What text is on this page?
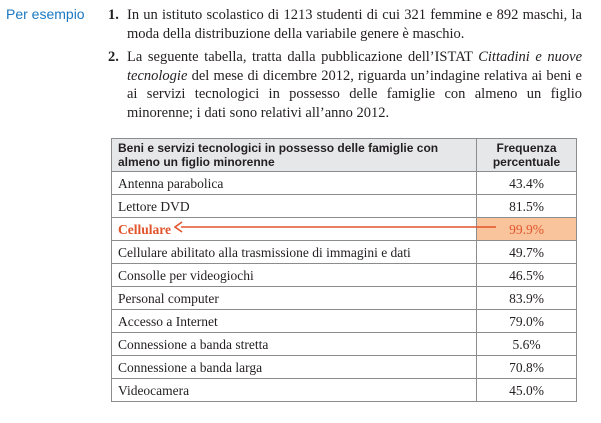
Per esempio 1. In un istituto scolastico di 1213 studenti di cui 321 femmine e 892 maschi, la moda della distribuzione della variabile genere è maschio.
2. La seguente tabella, tratta dalla pubblicazione dell’ISTAT Cittadini e nuove tecnologie del mese di dicembre 2012, riguarda un’indagine relativa ai beni e ai servizi tecnologici in possesso delle famiglie con almeno un figlio minorenne; i dati sono relativi all’anno 2012.
Beni e servizi tecnologici in possesso delle famiglie con almeno un figlio minorenne	Frequenza percentuale
Antenna parabolica	43.4%
Lettore DVD	81.5%
Cellulare	99.9%
Cellulare abilitato alla trasmissione di immagini e dati	49.7%
Consolle per videogiochi	46.5%
Personal computer	83.9%
Accesso a Internet	79.0%
Connessione a banda stretta	5.6%
Connessione a banda larga	70.8%
Videocamera	45.0%
